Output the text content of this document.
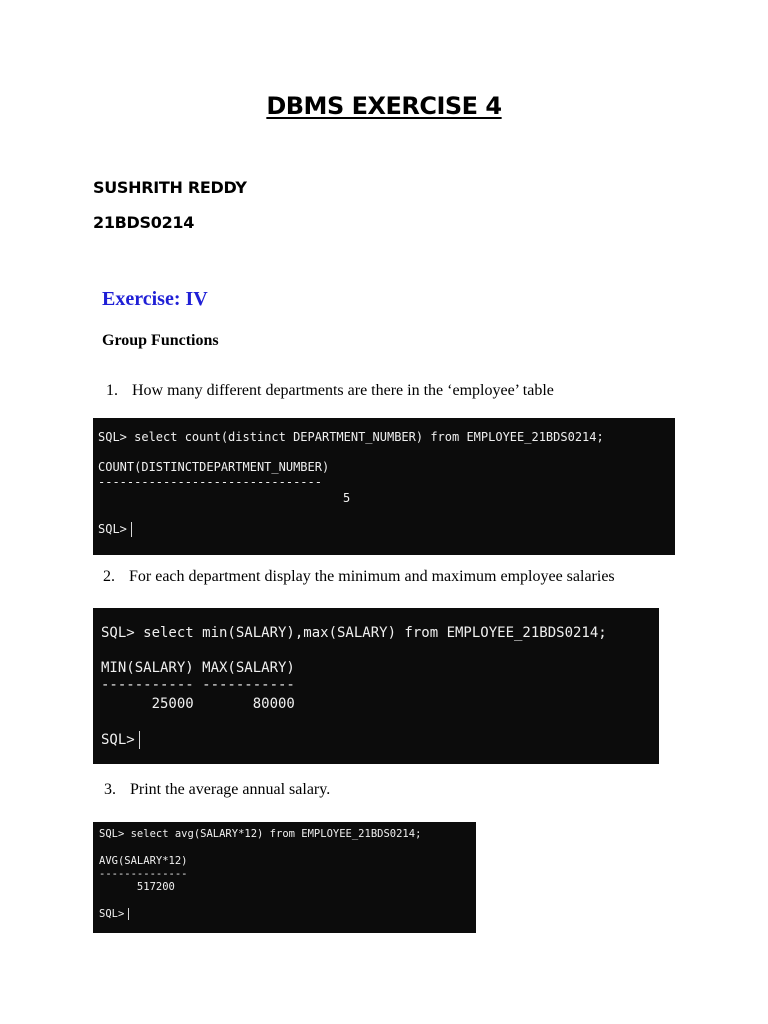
DBMS EXERCISE 4
SUSHRITH REDDY
21BDS0214
Exercise: IV
Group Functions
1. How many different departments are there in the ‘employee’ table

SQL> select count(distinct DEPARTMENT_NUMBER) from EMPLOYEE_21BDS0214;

COUNT(DISTINCTDEPARTMENT_NUMBER)

-------------------------------

5

SQL>

2. For each department display the minimum and maximum employee salaries

SQL> select min(SALARY),max(SALARY) from EMPLOYEE_21BDS0214;

MIN(SALARY) MAX(SALARY)

----------- -----------

25000       80000

SQL>

3. Print the average annual salary.

SQL> select avg(SALARY*12) from EMPLOYEE_21BDS0214;

AVG(SALARY*12)

--------------

517200

SQL>
